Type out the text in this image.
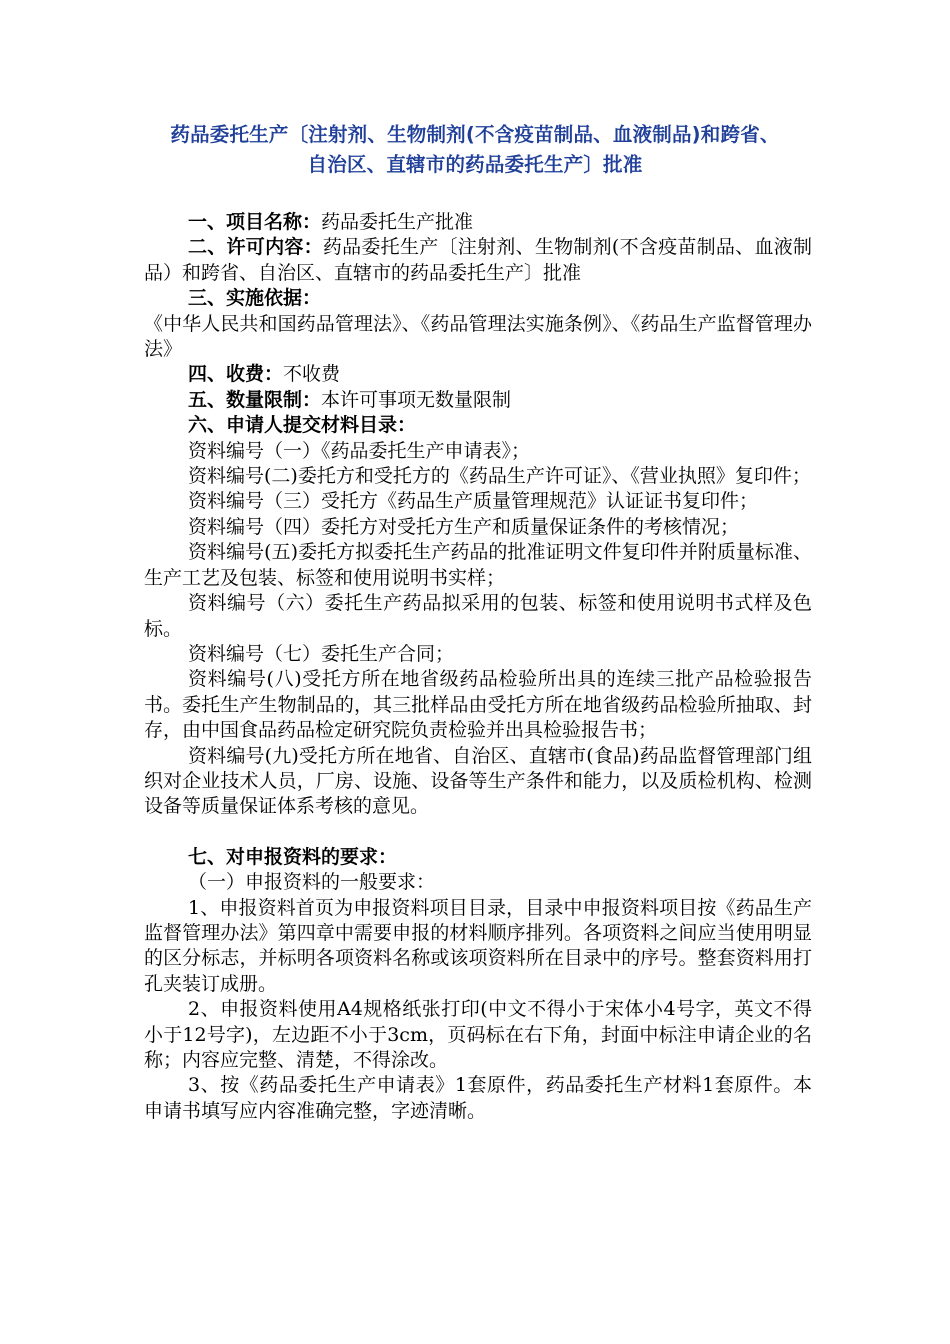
药品委托生产〔注射剂、生物制剂(不含疫苗制品、血液制品)和跨省、
自治区、直辖市的药品委托生产〕批准

一、项目名称：药品委托生产批准

二、许可内容：药品委托生产〔注射剂、生物制剂(不含疫苗制品、血液制品）和跨省、自治区、直辖市的药品委托生产〕批准

三、实施依据：

《中华人民共和国药品管理法》、《药品管理法实施条例》、《药品生产监督管理办法》

四、收费：不收费

五、数量限制：本许可事项无数量限制

六、申请人提交材料目录：

资料编号（一）《药品委托生产申请表》；

资料编号(二)委托方和受托方的《药品生产许可证》、《营业执照》复印件；

资料编号（三）受托方《药品生产质量管理规范》认证证书复印件；

资料编号（四）委托方对受托方生产和质量保证条件的考核情况；

资料编号(五)委托方拟委托生产药品的批准证明文件复印件并附质量标准、生产工艺及包装、标签和使用说明书实样；

资料编号（六）委托生产药品拟采用的包装、标签和使用说明书式样及色标。

资料编号（七）委托生产合同；

资料编号(八)受托方所在地省级药品检验所出具的连续三批产品检验报告书。委托生产生物制品的，其三批样品由受托方所在地省级药品检验所抽取、封存，由中国食品药品检定研究院负责检验并出具检验报告书；

资料编号(九)受托方所在地省、自治区、直辖市(食品)药品监督管理部门组织对企业技术人员，厂房、设施、设备等生产条件和能力，以及质检机构、检测设备等质量保证体系考核的意见。

七、对申报资料的要求：

（一）申报资料的一般要求：

1、申报资料首页为申报资料项目目录，目录中申报资料项目按《药品生产监督管理办法》第四章中需要申报的材料顺序排列。各项资料之间应当使用明显的区分标志，并标明各项资料名称或该项资料所在目录中的序号。整套资料用打孔夹装订成册。

2、申报资料使用A4规格纸张打印(中文不得小于宋体小4号字，英文不得小于12号字)，左边距不小于3cm，页码标在右下角，封面中标注申请企业的名称；内容应完整、清楚，不得涂改。

3、按《药品委托生产申请表》1套原件，药品委托生产材料1套原件。本申请书填写应内容准确完整，字迹清晰。
